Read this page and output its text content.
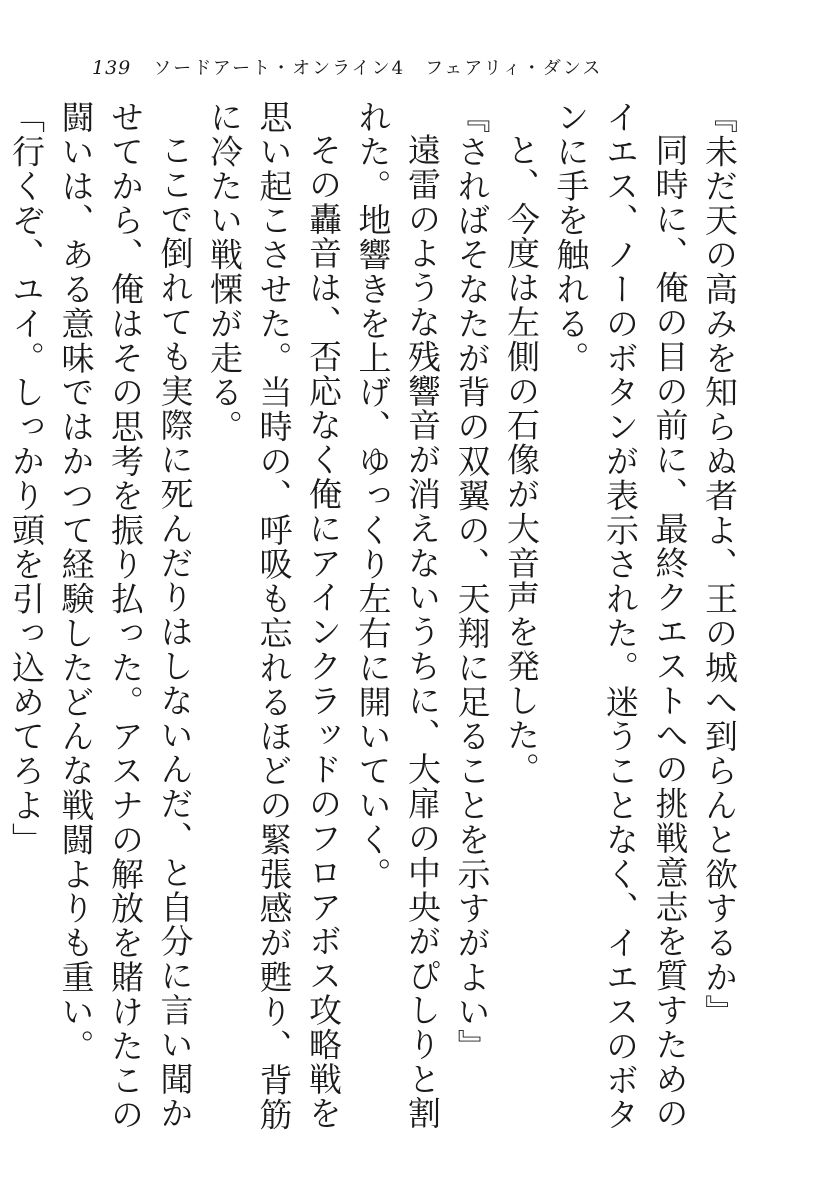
139 ソードアート・オンライン4　フェアリィ・ダンス

『未だ天の高みを知らぬ者よ、王の城へ到らんと欲するか』

同時に、俺の目の前に、最終クエストへの挑戦意志を質すためのイエス、ノーのボタンが表示された。迷うことなく、イエスのボタンに手を触れる。

と、今度は左側の石像が大音声を発した。

『さればそなたが背の双翼の、天翔に足ることを示すがよい』

遠雷のような残響音が消えないうちに、大扉の中央がぴしりと割れた。地響きを上げ、ゆっくり左右に開いていく。

その轟音は、否応なく俺にアインクラッドのフロアボス攻略戦を思い起こさせた。当時の、呼吸も忘れるほどの緊張感が甦り、背筋に冷たい戦慄が走る。

ここで倒れても実際に死んだりはしないんだ、と自分に言い聞かせてから、俺はその思考を振り払った。アスナの解放を賭けたこの闘いは、ある意味ではかつて経験したどんな戦闘よりも重い。

「行くぞ、ユイ。しっかり頭を引っ込めてろよ」
